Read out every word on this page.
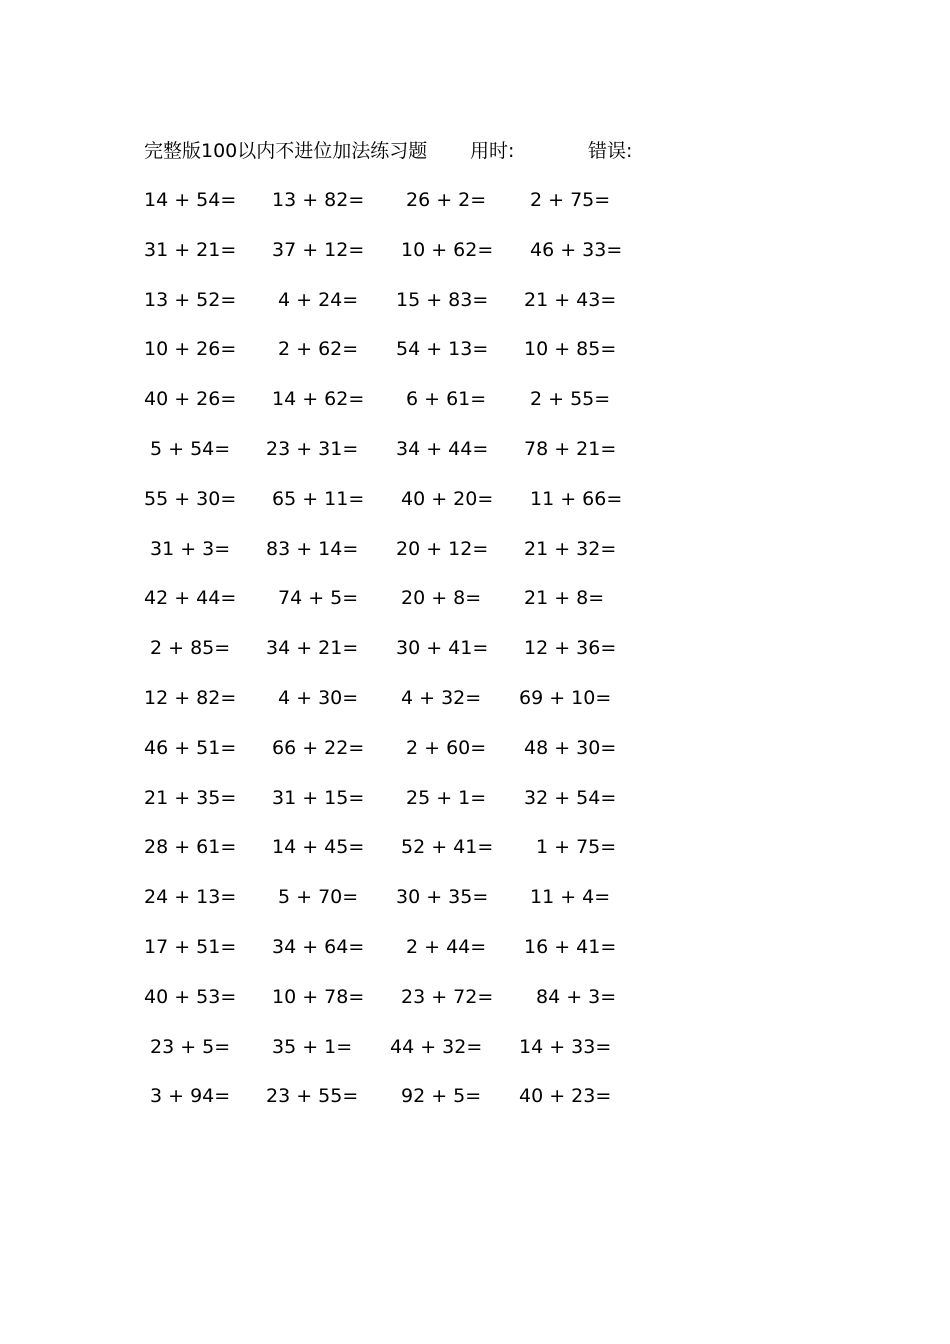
完整版100以内不进位加法练习题 用时:	错误:
14 + 54= 13 + 82= 26 + 2= 2 + 75=
31 + 21= 37 + 12= 10 + 62= 46 + 33=
13 + 52= 4 + 24= 15 + 83= 21 + 43=
10 + 26= 2 + 62= 54 + 13= 10 + 85=
40 + 26= 14 + 62= 6 + 61= 2 + 55=
5 + 54= 23 + 31= 34 + 44= 78 + 21=
55 + 30= 65 + 11= 40 + 20= 11 + 66=
31 + 3= 83 + 14= 20 + 12= 21 + 32=
42 + 44= 74 + 5= 20 + 8= 21 + 8=
2 + 85= 34 + 21= 30 + 41= 12 + 36=
12 + 82= 4 + 30= 4 + 32= 69 + 10=
46 + 51= 66 + 22= 2 + 60= 48 + 30=
21 + 35= 31 + 15= 25 + 1= 32 + 54=
28 + 61= 14 + 45= 52 + 41= 1 + 75=
24 + 13= 5 + 70= 30 + 35= 11 + 4=
17 + 51= 34 + 64= 2 + 44= 16 + 41=
40 + 53= 10 + 78= 23 + 72= 84 + 3=
23 + 5= 35 + 1= 44 + 32= 14 + 33=
3 + 94= 23 + 55= 92 + 5= 40 + 23=
